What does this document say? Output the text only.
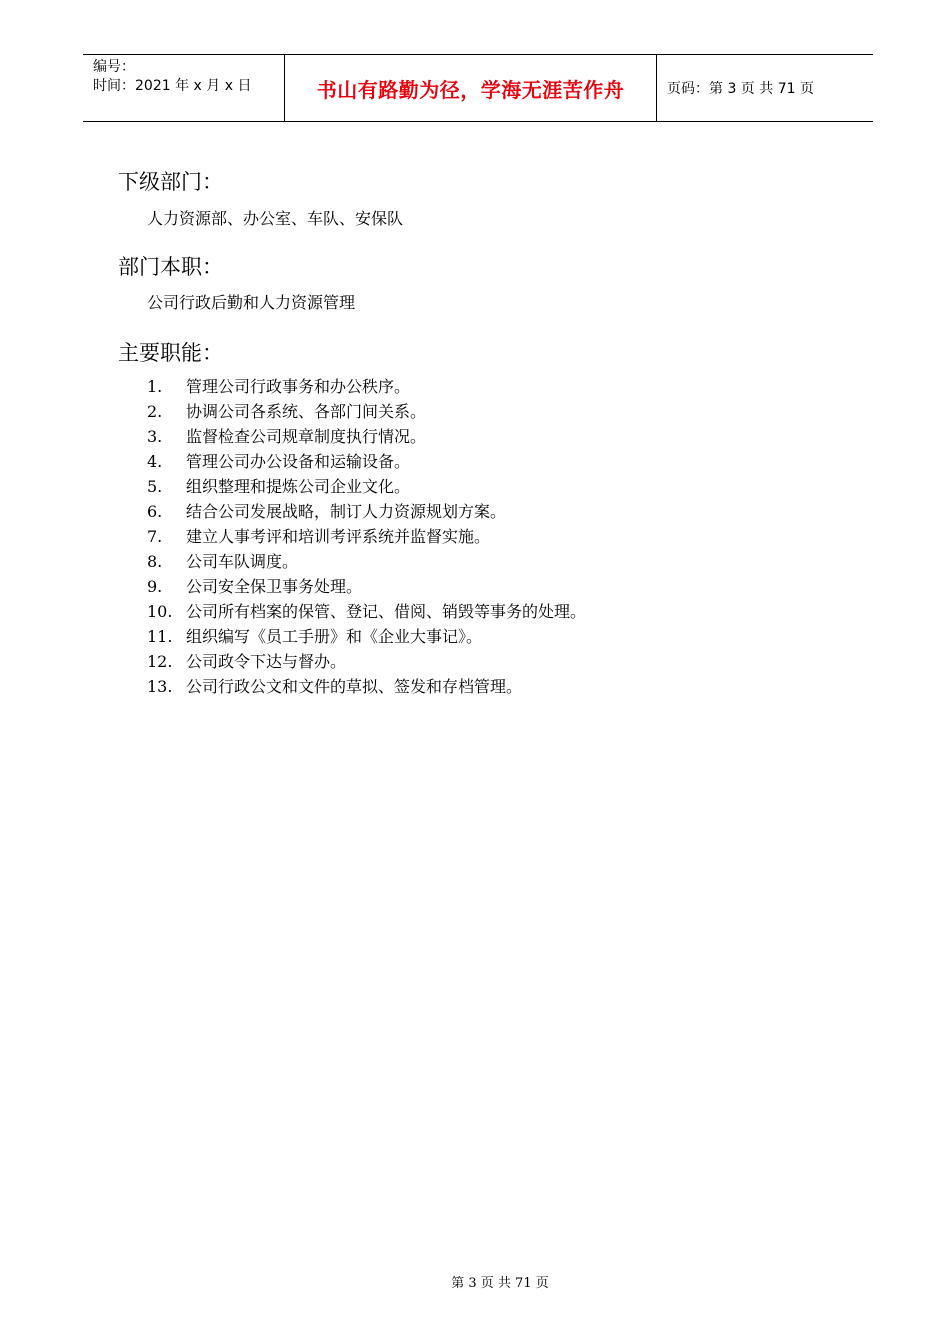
编号：
时间：2021 年 x 月 x 日	书山有路勤为径，学海无涯苦作舟	页码：第 3 页 共 71 页
下级部门：

人力资源部、办公室、车队、安保队

部门本职：

公司行政后勤和人力资源管理

主要职能：
1.	管理公司行政事务和办公秩序。
2.	协调公司各系统、各部门间关系。
3.	监督检查公司规章制度执行情况。
4.	管理公司办公设备和运输设备。
5.	组织整理和提炼公司企业文化。
6.	结合公司发展战略，制订人力资源规划方案。
7.	建立人事考评和培训考评系统并监督实施。
8.	公司车队调度。
9.	公司安全保卫事务处理。
10. 公司所有档案的保管、登记、借阅、销毁等事务的处理。
11. 组织编写《员工手册》和《企业大事记》。
12. 公司政令下达与督办。
13. 公司行政公文和文件的草拟、签发和存档管理。
第 3 页 共 71 页
